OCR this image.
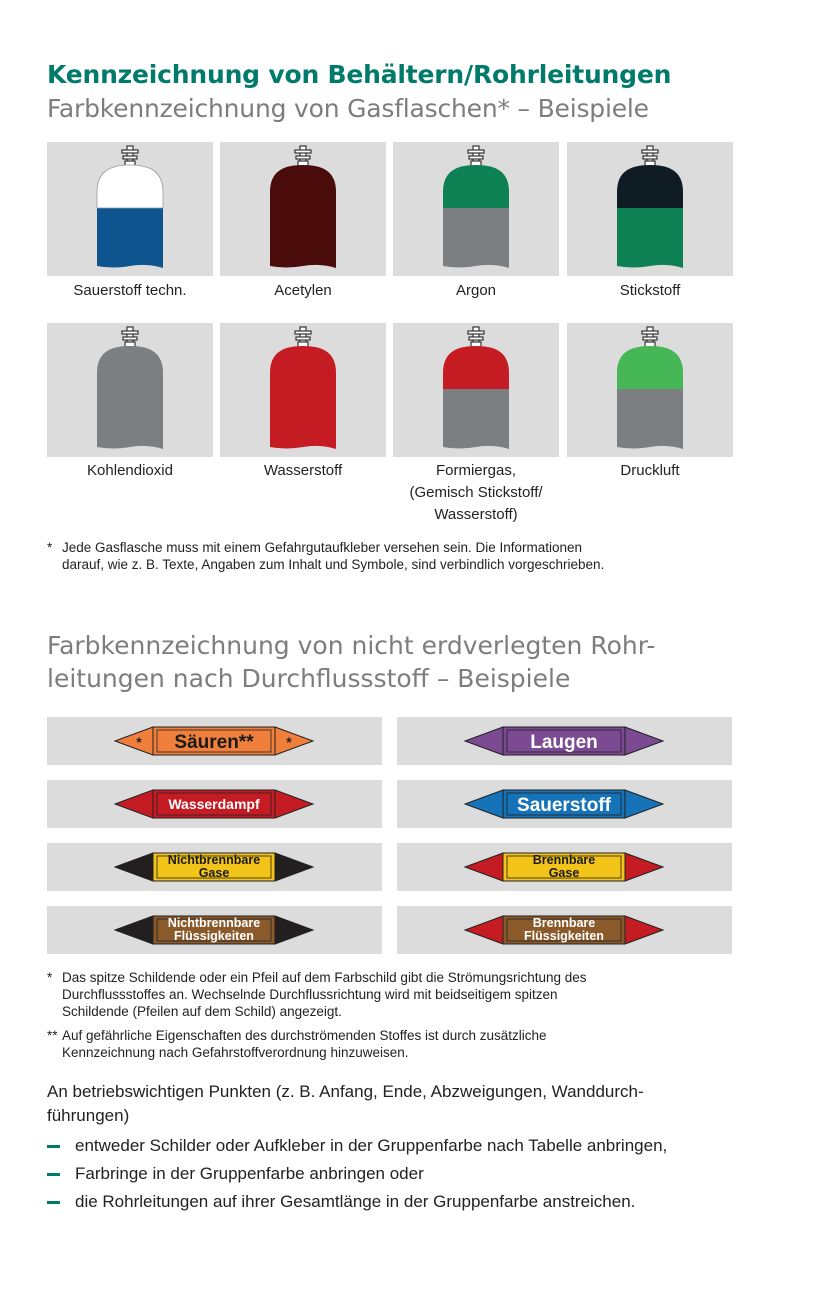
Kennzeichnung von Behältern/Rohrleitungen
Farbkennzeichnung von Gasflaschen* – Beispiele
Sauerstoff techn.	Acetylen	Argon	Stickstoff
Kohlendioxid	Wasserstoff	Formiergas,
(Gemisch Stickstoff/
Wasserstoff)
Druckluft
* Jede Gasflasche muss mit einem Gefahrgutaufkleber versehen sein. Die Informationen
darauf, wie z. B. Texte, Angaben zum Inhalt und Symbole, sind verbindlich vorgeschrieben.
Farbkennzeichnung von nicht erdverlegten Rohr-
leitungen nach Durchflussstoff – Beispiele
Säuren**
*	*	Laugen
Wasserdampf	Sauerstoff
Nichtbrennbare
Gase
Brennbare
Gase
Nichtbrennbare
Flüssigkeiten
Brennbare
Flüssigkeiten
* Das spitze Schildende oder ein Pfeil auf dem Farbschild gibt die Strömungsrichtung des
Durchflussstoffes an. Wechselnde Durchflussrichtung wird mit beidseitigem spitzen
Schildende (Pfeilen auf dem Schild) angezeigt.
** Auf gefährliche Eigenschaften des durchströmenden Stoffes ist durch zusätzliche
Kennzeichnung nach Gefahrstoffverordnung hinzuweisen.
An betriebswichtigen Punkten (z. B. Anfang, Ende, Abzweigungen, Wanddurch-
führungen)
entweder Schilder oder Aufkleber in der Gruppenfarbe nach Tabelle anbringen,
Farbringe in der Gruppenfarbe anbringen oder
die Rohrleitungen auf ihrer Gesamtlänge in der Gruppenfarbe anstreichen.
